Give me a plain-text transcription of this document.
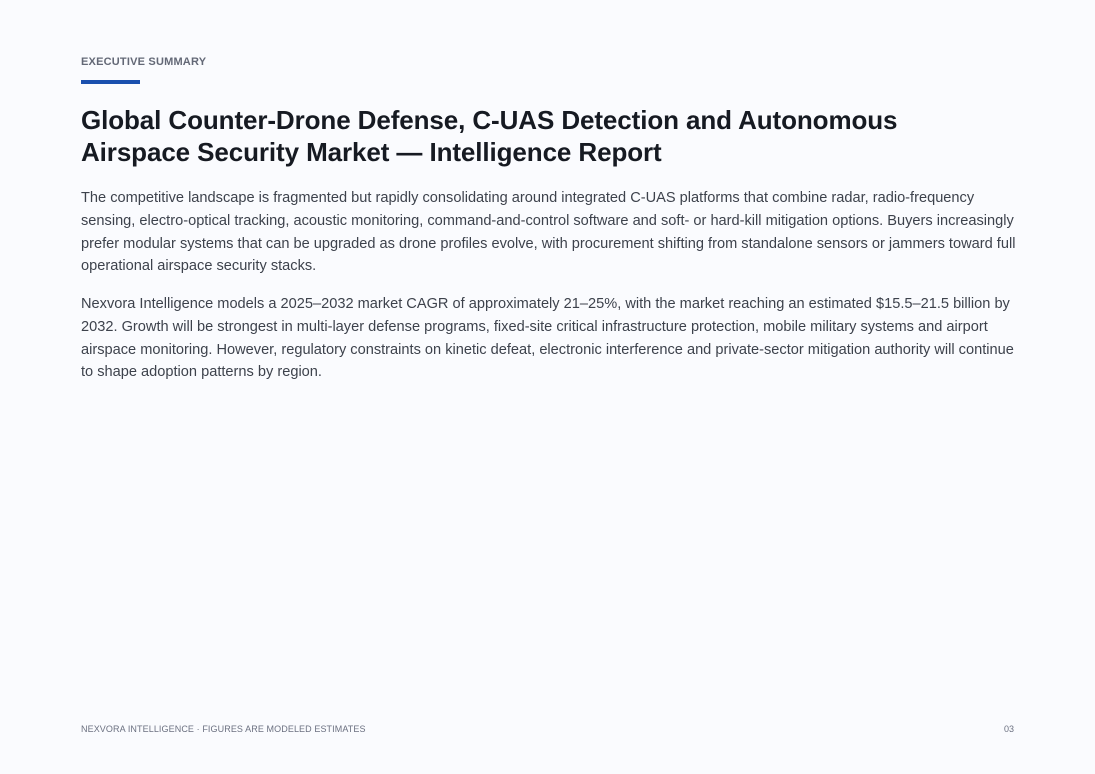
EXECUTIVE SUMMARY
Global Counter-Drone Defense, C-UAS Detection and Autonomous Airspace Security Market — Intelligence Report

The competitive landscape is fragmented but rapidly consolidating around integrated C-UAS platforms that combine radar, radio-frequency sensing, electro-optical tracking, acoustic monitoring, command-and-control software and soft- or hard-kill mitigation options. Buyers increasingly prefer modular systems that can be upgraded as drone profiles evolve, with procurement shifting from standalone sensors or jammers toward full operational airspace security stacks.

Nexvora Intelligence models a 2025–2032 market CAGR of approximately 21–25%, with the market reaching an estimated $15.5–21.5 billion by 2032. Growth will be strongest in multi-layer defense programs, fixed-site critical infrastructure protection, mobile military systems and airport airspace monitoring. However, regulatory constraints on kinetic defeat, electronic interference and private-sector mitigation authority will continue to shape adoption patterns by region.

NEXVORA INTELLIGENCE · FIGURES ARE MODELED ESTIMATES	03
